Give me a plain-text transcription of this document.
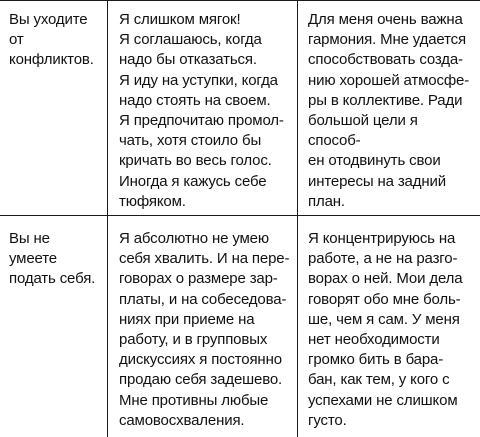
Вы уходите от
конфликтов.
Я слишком мягок!
Я соглашаюсь, когда
надо бы отказаться.
Я иду на уступки, когда
надо стоять на своем.
Я предпочитаю промол-
чать, хотя стоило бы
кричать во весь голос.
Иногда я кажусь себе
тюфяком.
Для меня очень важна
гармония. Мне удается
способствовать созда-
нию хорошей атмосфе-
ры в коллективе. Ради
большой цели я способ-
ен отодвинуть свои
интересы на задний
план.
Вы не умеете
подать себя.
Я абсолютно не умею
себя хвалить. И на пере-
говорах о размере зар-
платы, и на собеседова-
ниях при приеме на
работу, и в групповых
дискуссиях я постоянно
продаю себя задешево.
Мне противны любые
самовосхваления.
Я концентрируюсь на
работе, а не на разго-
ворах о ней. Мои дела
говорят обо мне боль-
ше, чем я сам. У меня
нет необходимости
громко бить в бара-
бан, как тем, у кого с
успехами не слишком
густо.
